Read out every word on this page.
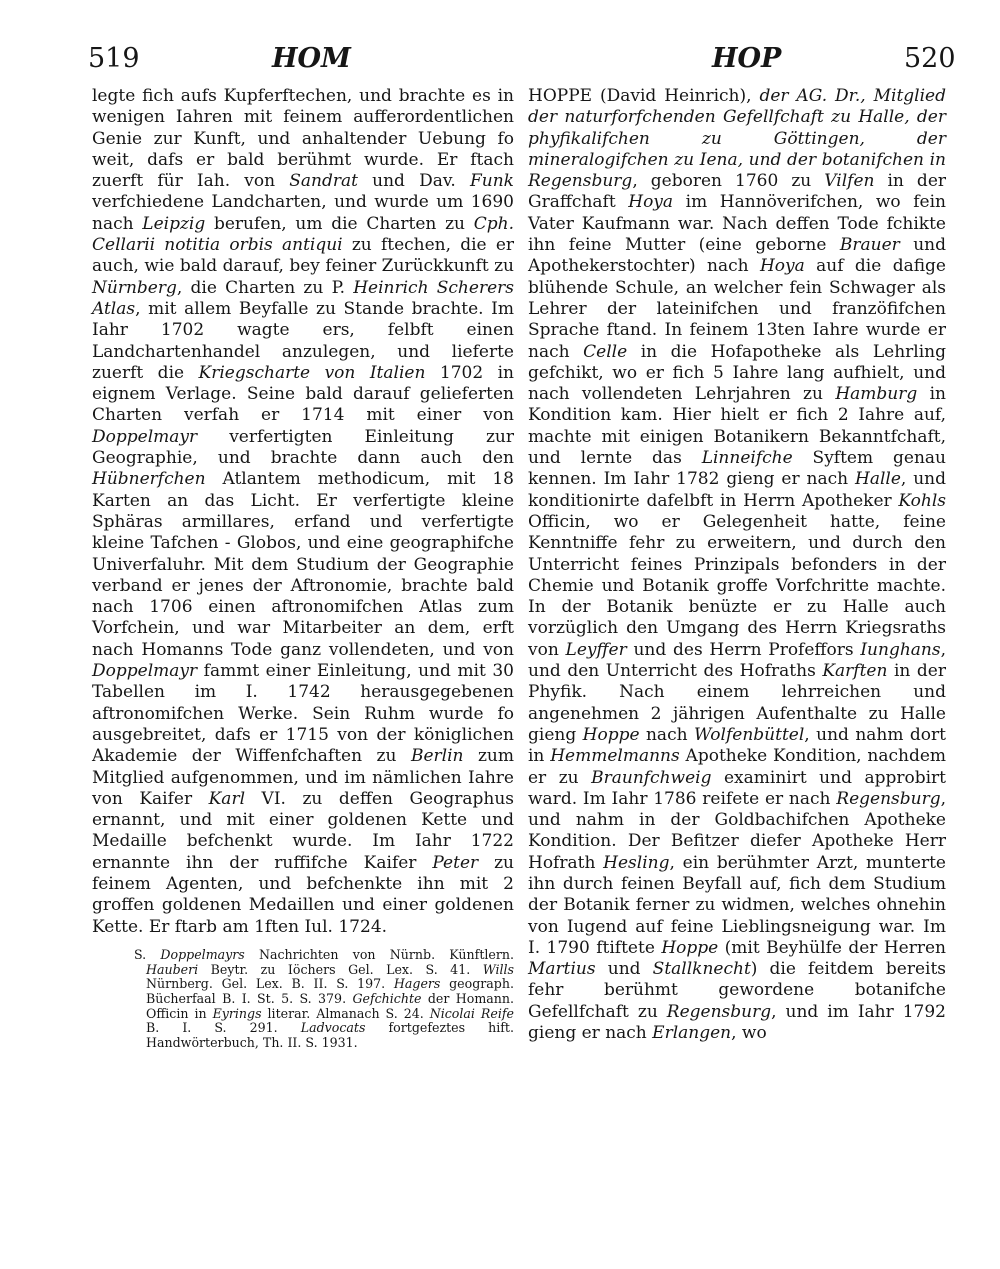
519	HOM	HOP	520

legte fich aufs Kupferftechen, und brachte es in wenigen Iahren mit feinem aufferordentlichen Genie zur Kunft, und anhaltender Uebung fo weit, dafs er bald berühmt wurde. Er ftach zuerft für Iah. von Sandrat und Dav. Funk verfchiedene Landcharten, und wurde um 1690 nach Leipzig berufen, um die Charten zu Cph. Cellarii notitia orbis antiqui zu ftechen, die er auch, wie bald darauf, bey feiner Zurückkunft zu Nürnberg, die Charten zu P. Heinrich Scherers Atlas, mit allem Beyfalle zu Stande brachte. Im Iahr 1702 wagte ers, felbft einen Landchartenhandel anzulegen, und lieferte zuerft die Kriegscharte von Italien 1702 in eignem Verlage. Seine bald darauf gelieferten Charten verfah er 1714 mit einer von Doppelmayr verfertigten Einleitung zur Geographie, und brachte dann auch den Hübnerfchen Atlantem methodicum, mit 18 Karten an das Licht. Er verfertigte kleine Sphäras armillares, erfand und verfertigte kleine Tafchen - Globos, und eine geographifche Univerfaluhr. Mit dem Studium der Geographie verband er jenes der Aftronomie, brachte bald nach 1706 einen aftronomifchen Atlas zum Vorfchein, und war Mitarbeiter an dem, erft nach Homanns Tode ganz vollendeten, und von Doppelmayr fammt einer Einleitung, und mit 30 Tabellen im I. 1742 herausgegebenen aftronomifchen Werke. Sein Ruhm wurde fo ausgebreitet, dafs er 1715 von der königlichen Akademie der Wiffenfchaften zu Berlin zum Mitglied aufgenommen, und im nämlichen Iahre von Kaifer Karl VI. zu deffen Geographus ernannt, und mit einer goldenen Kette und Medaille befchenkt wurde. Im Iahr 1722 ernannte ihn der ruffifche Kaifer Peter zu feinem Agenten, und befchenkte ihn mit 2 groffen goldenen Medaillen und einer goldenen Kette. Er ftarb am 1ften Iul. 1724.

S. Doppelmayrs Nachrichten von Nürnb. Künftlern. Hauberi Beytr. zu Iöchers Gel. Lex. S. 41. Wills Nürnberg. Gel. Lex. B. II. S. 197. Hagers geograph. Bücherfaal B. I. St. 5. S. 379. Gefchichte der Homann. Officin in Eyrings literar. Almanach S. 24. Nicolai Reife B. I. S. 291. Ladvocats fortgefeztes hift. Handwörterbuch, Th. II. S. 1931.

HOPPE (David Heinrich), der AG. Dr., Mitglied der naturforfchenden Gefellfchaft zu Halle, der phyfikalifchen zu Göttingen, der mineralogifchen zu Iena, und der botanifchen in Regensburg, geboren 1760 zu Vilfen in der Graffchaft Hoya im Hannöverifchen, wo fein Vater Kaufmann war. Nach deffen Tode fchikte ihn feine Mutter (eine geborne Brauer und Apothekerstochter) nach Hoya auf die dafige blühende Schule, an welcher fein Schwager als Lehrer der lateinifchen und franzöfifchen Sprache ftand. In feinem 13ten Iahre wurde er nach Celle in die Hofapotheke als Lehrling gefchikt, wo er fich 5 Iahre lang aufhielt, und nach vollendeten Lehrjahren zu Hamburg in Kondition kam. Hier hielt er fich 2 Iahre auf, machte mit einigen Botanikern Bekanntfchaft, und lernte das Linneifche Syftem genau kennen. Im Iahr 1782 gieng er nach Halle, und konditionirte dafelbft in Herrn Apotheker Kohls Officin, wo er Gelegenheit hatte, feine Kenntniffe fehr zu erweitern, und durch den Unterricht feines Prinzipals befonders in der Chemie und Botanik groffe Vorfchritte machte. In der Botanik benüzte er zu Halle auch vorzüglich den Umgang des Herrn Kriegsraths von Leyffer und des Herrn Profeffors Iunghans, und den Unterricht des Hofraths Karften in der Phyfik. Nach einem lehrreichen und angenehmen 2 jährigen Aufenthalte zu Halle gieng Hoppe nach Wolfenbüttel, und nahm dort in Hemmelmanns Apotheke Kondition, nachdem er zu Braunfchweig examinirt und approbirt ward. Im Iahr 1786 reifete er nach Regensburg, und nahm in der Goldbachifchen Apotheke Kondition. Der Befitzer diefer Apotheke Herr Hofrath Hesling, ein berühmter Arzt, munterte ihn durch feinen Beyfall auf, fich dem Studium der Botanik ferner zu widmen, welches ohnehin von Iugend auf feine Lieblingsneigung war. Im I. 1790 ftiftete Hoppe (mit Beyhülfe der Herren Martius und Stallknecht) die feitdem bereits fehr berühmt gewordene botanifche Gefellfchaft zu Regensburg, und im Iahr 1792 gieng er nach Erlangen, wo
